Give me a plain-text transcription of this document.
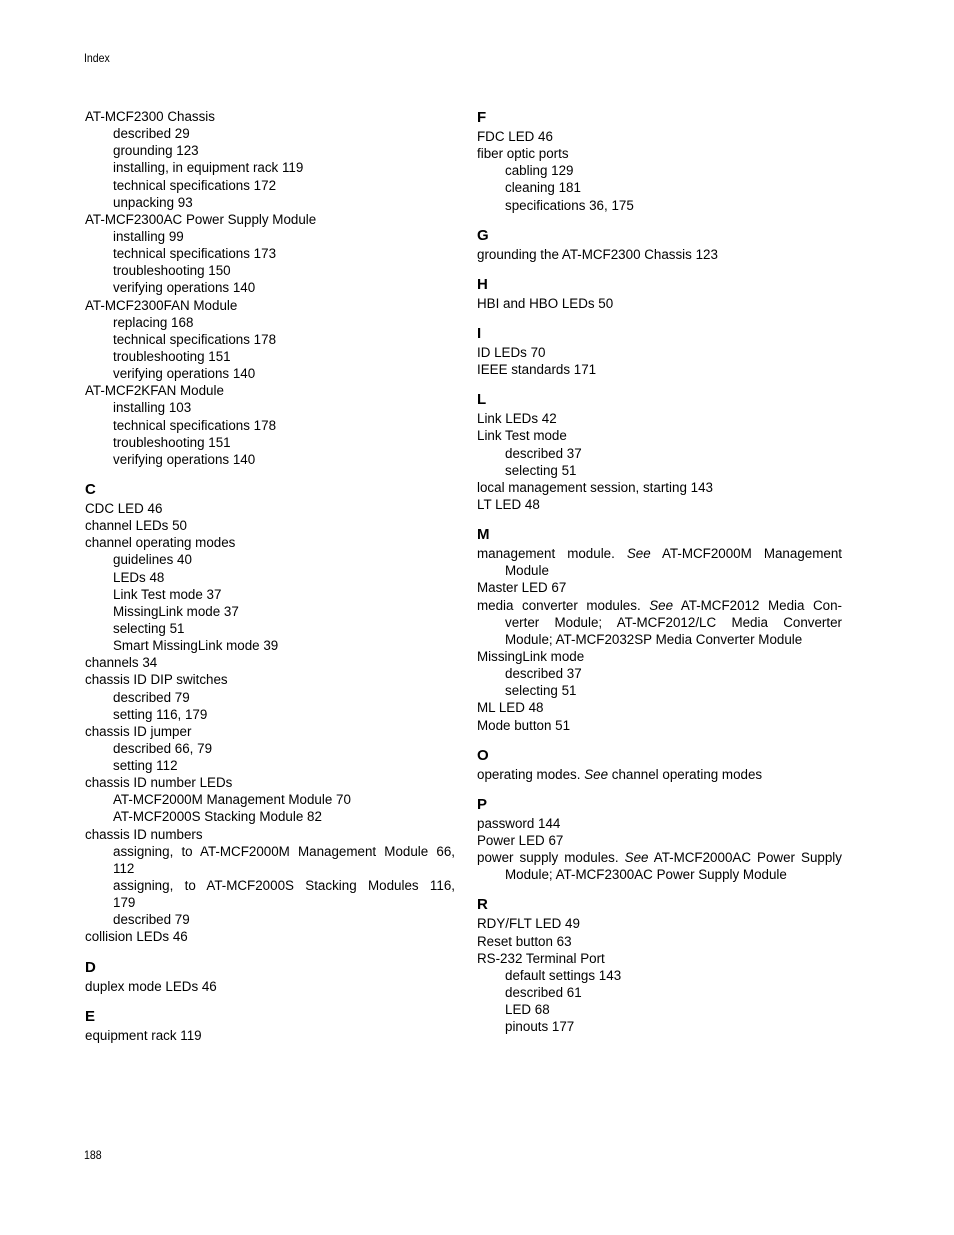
Index
AT-MCF2300 Chassis
described 29
grounding 123
installing, in equipment rack 119
technical specifications 172
unpacking 93
AT-MCF2300AC Power Supply Module
installing 99
technical specifications 173
troubleshooting 150
verifying operations 140
AT-MCF2300FAN Module
replacing 168
technical specifications 178
troubleshooting 151
verifying operations 140
AT-MCF2KFAN Module
installing 103
technical specifications 178
troubleshooting 151
verifying operations 140
C
CDC LED 46
channel LEDs 50
channel operating modes
guidelines 40
LEDs 48
Link Test mode 37
MissingLink mode 37
selecting 51
Smart MissingLink mode 39
channels 34
chassis ID DIP switches
described 79
setting 116, 179
chassis ID jumper
described 66, 79
setting 112
chassis ID number LEDs
AT-MCF2000M Management Module 70
AT-MCF2000S Stacking Module 82
chassis ID numbers
assigning, to AT-MCF2000M Management Module 66,
112
assigning, to AT-MCF2000S Stacking Modules 116,
179
described 79
collision LEDs 46
D
duplex mode LEDs 46
E
equipment rack 119
F
FDC LED 46
fiber optic ports
cabling 129
cleaning 181
specifications 36, 175
G
grounding the AT-MCF2300 Chassis 123
H
HBI and HBO LEDs 50
I
ID LEDs 70
IEEE standards 171
L
Link LEDs 42
Link Test mode
described 37
selecting 51
local management session, starting 143
LT LED 48
M
management module. See AT-MCF2000M Management
Module
Master LED 67
media converter modules. See AT-MCF2012 Media Con-
verter Module; AT-MCF2012/LC Media Converter
Module; AT-MCF2032SP Media Converter Module
MissingLink mode
described 37
selecting 51
ML LED 48
Mode button 51
O
operating modes. See channel operating modes
P
password 144
Power LED 67
power supply modules. See AT-MCF2000AC Power Supply
Module; AT-MCF2300AC Power Supply Module
R
RDY/FLT LED 49
Reset button 63
RS-232 Terminal Port
default settings 143
described 61
LED 68
pinouts 177
188
